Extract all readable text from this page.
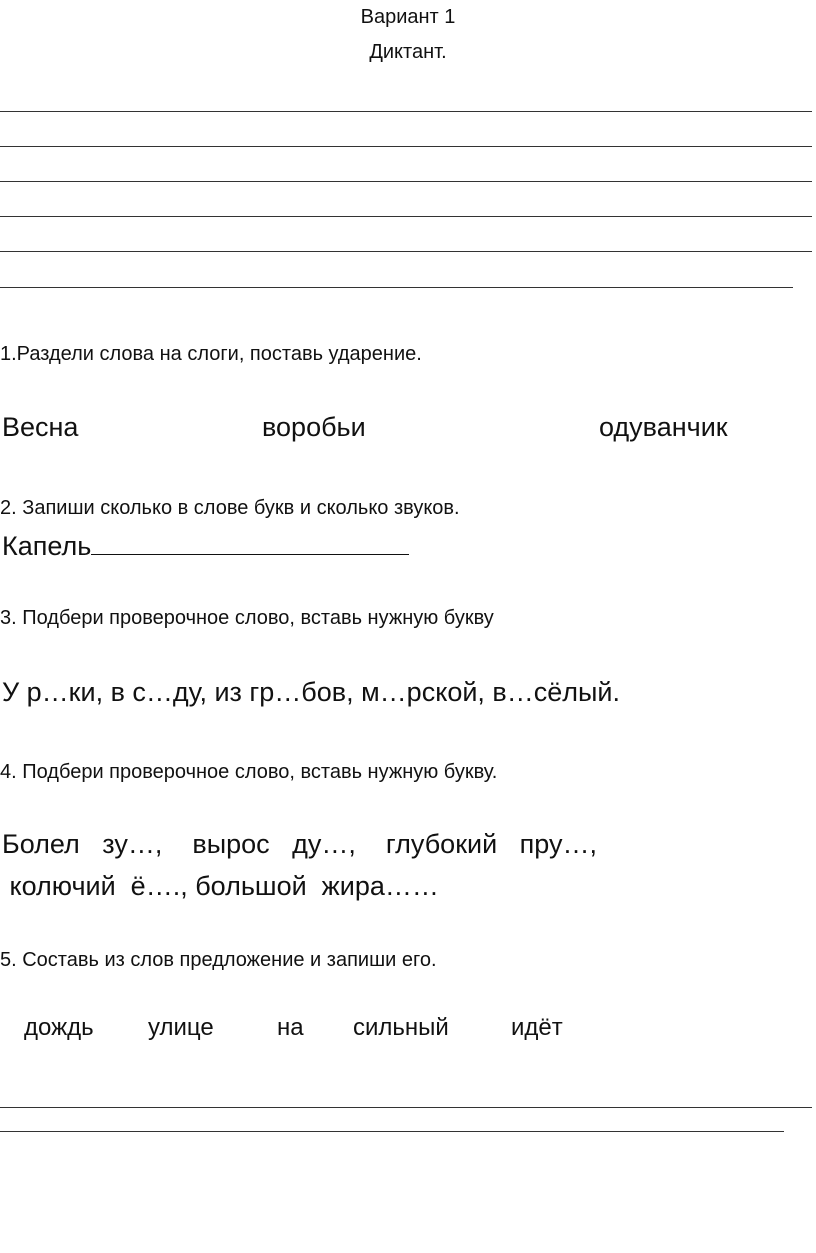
Вариант 1
Диктант.
1.Раздели слова на слоги, поставь ударение.
Весна	воробьи	одуванчик
2. Запиши сколько в слове букв и сколько звуков.
Капель
3. Подбери проверочное слово, вставь нужную букву
У р…ки, в с…ду, из гр…бов, м…рской, в…сёлый.
4. Подбери проверочное слово, вставь нужную букву.
Болел   зу…,    вырос   ду…,    глубокий   пру…,
колючий  ё…., большой  жира……
5. Составь из слов предложение и запиши его.
дождь улице	на сильный	идёт
